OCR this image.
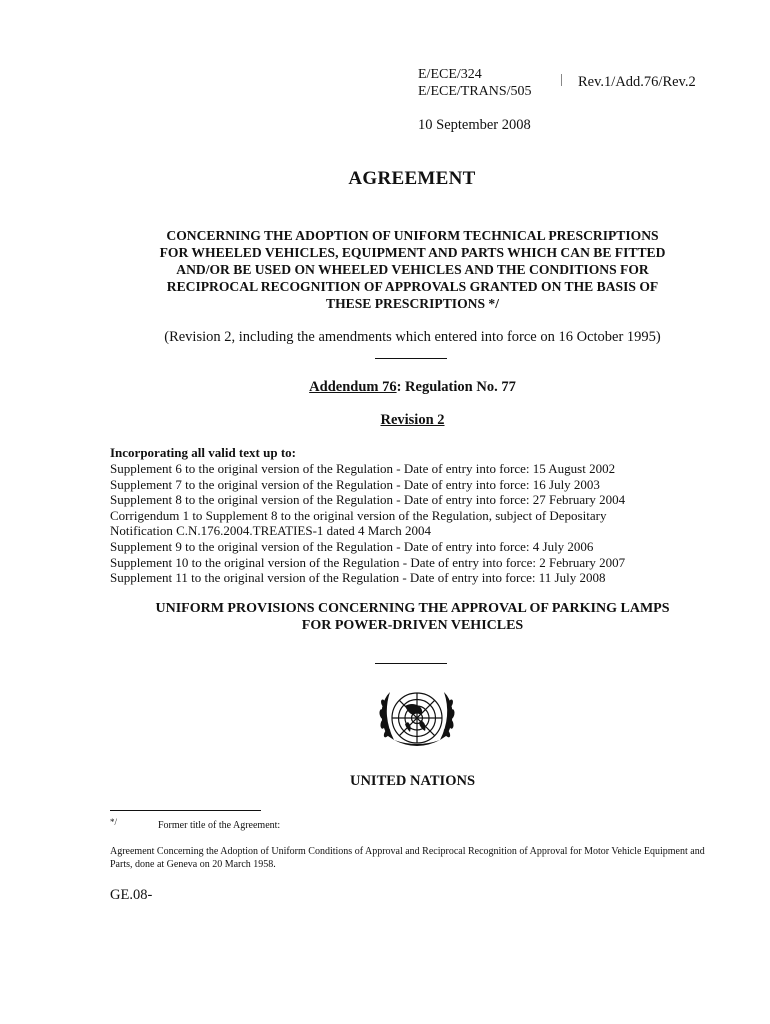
E/ECE/324
E/ECE/TRANS/505
Rev.1/Add.76/Rev.2
10 September 2008
AGREEMENT
CONCERNING THE ADOPTION OF UNIFORM TECHNICAL PRESCRIPTIONS
FOR WHEELED VEHICLES, EQUIPMENT AND PARTS WHICH CAN BE FITTED
AND/OR BE USED ON WHEELED VEHICLES AND THE CONDITIONS FOR
RECIPROCAL RECOGNITION OF APPROVALS GRANTED ON THE BASIS OF
THESE PRESCRIPTIONS */
(Revision 2, including the amendments which entered into force on 16 October 1995)
Addendum 76: Regulation No. 77
Revision 2
Incorporating all valid text up to:
Supplement 6 to the original version of the Regulation - Date of entry into force: 15 August 2002
Supplement 7 to the original version of the Regulation - Date of entry into force: 16 July 2003
Supplement 8 to the original version of the Regulation - Date of entry into force: 27 February 2004
Corrigendum 1 to Supplement 8 to the original version of the Regulation, subject of Depositary
Notification C.N.176.2004.TREATIES-1 dated 4 March 2004
Supplement 9 to the original version of the Regulation - Date of entry into force: 4 July 2006
Supplement 10 to the original version of the Regulation - Date of entry into force: 2 February 2007
Supplement 11 to the original version of the Regulation - Date of entry into force: 11 July 2008
UNIFORM PROVISIONS CONCERNING THE APPROVAL OF PARKING LAMPS
FOR POWER-DRIVEN VEHICLES
UNITED NATIONS
*/	Former title of the Agreement:
Agreement Concerning the Adoption of Uniform Conditions of Approval and Reciprocal Recognition of Approval for Motor Vehicle Equipment and Parts, done at Geneva on 20 March 1958.
GE.08-
